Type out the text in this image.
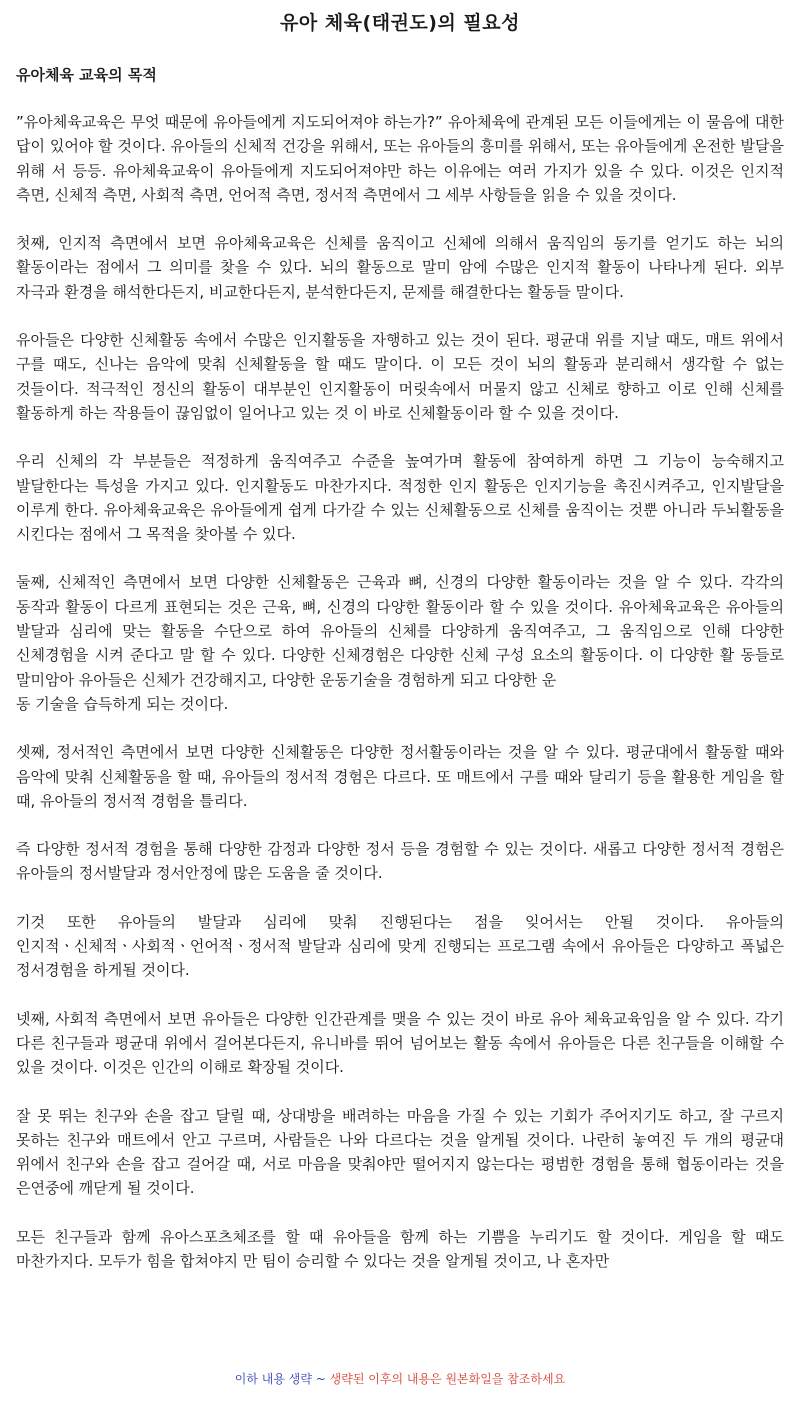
유아 체육(태권도)의 필요성
유아체육 교육의 목적

”유아체육교육은 무엇 때문에 유아들에게 지도되어져야 하는가?” 유아체육에 관계된 모든 이들에게는 이 물음에 대한 답이 있어야 할 것이다. 유아들의 신체적 건강을 위해서, 또는 유아들의 흥미를 위해서, 또는 유아들에게 온전한 발달을 위해 서 등등. 유아체육교육이 유아들에게 지도되어져야만 하는 이유에는 여러 가지가 있을 수 있다. 이것은 인지적 측면, 신체적 측면, 사회적 측면, 언어적 측면, 정서적 측면에서 그 세부 사항들을 읽을 수 있을 것이다.

첫째, 인지적 측면에서 보면 유아체육교육은 신체를 움직이고 신체에 의해서 움직임의 동기를 얻기도 하는 뇌의 활동이라는 점에서 그 의미를 찾을 수 있다. 뇌의 활동으로 말미 암에 수많은 인지적 활동이 나타나게 된다. 외부 자극과 환경을 해석한다든지, 비교한다든지, 분석한다든지, 문제를 해결한다는 활동들 말이다.

유아들은 다양한 신체활동 속에서 수많은 인지활동을 자행하고 있는 것이 된다. 평균대 위를 지날 때도, 매트 위에서 구를 때도, 신나는 음악에 맞춰 신체활동을 할 때도 말이다. 이 모든 것이 뇌의 활동과 분리해서 생각할 수 없는 것들이다. 적극적인 정신의 활동이 대부분인 인지활동이 머릿속에서 머물지 않고 신체로 향하고 이로 인해 신체를 활동하게 하는 작용들이 끊임없이 일어나고 있는 것 이 바로 신체활동이라 할 수 있을 것이다.

우리 신체의 각 부분들은 적정하게 움직여주고 수준을 높여가며 활동에 참여하게 하면 그 기능이 능숙해지고 발달한다는 특성을 가지고 있다. 인지활동도 마찬가지다. 적정한 인지 활동은 인지기능을 촉진시켜주고, 인지발달을 이루게 한다. 유아체육교육은 유아들에게 쉽게 다가갈 수 있는 신체활동으로 신체를 움직이는 것뿐 아니라 두뇌활동을 시킨다는 점에서 그 목적을 찾아볼 수 있다.

둘째, 신체적인 측면에서 보면 다양한 신체활동은 근육과 뼈, 신경의 다양한 활동이라는 것을 알 수 있다. 각각의 동작과 활동이 다르게 표현되는 것은 근육, 뼈, 신경의 다양한 활동이라 할 수 있을 것이다. 유아체육교육은 유아들의 발달과 심리에 맞는 활동을 수단으로 하여 유아들의 신체를 다양하게 움직여주고, 그 움직임으로 인해 다양한 신체경험을 시켜 준다고 말 할 수 있다. 다양한 신체경험은 다양한 신체 구성 요소의 활동이다. 이 다양한 활 동들로 말미암아 유아들은 신체가 건강해지고, 다양한 운동기술을 경험하게 되고 다양한 운
동 기술을 습득하게 되는 것이다.

셋째, 정서적인 측면에서 보면 다양한 신체활동은 다양한 정서활동이라는 것을 알 수 있다. 평균대에서 활동할 때와 음악에 맞춰 신체활동을 할 때, 유아들의 정서적 경험은 다르다. 또 매트에서 구를 때와 달리기 등을 활용한 게임을 할 때, 유아들의 정서적 경험을 틀리다.

즉 다양한 정서적 경험을 통해 다양한 감정과 다양한 정서 등을 경험할 수 있는 것이다. 새롭고 다양한 정서적 경험은 유아들의 정서발달과 정서안정에 많은 도움을 줄 것이다.

기것 또한 유아들의 발달과 심리에 맞춰 진행된다는 점을 잊어서는 안될 것이다. 유아들의 인지적ㆍ신체적ㆍ사회적ㆍ언어적ㆍ정서적 발달과 심리에 맞게 진행되는 프로그램 속에서 유아들은 다양하고 폭넓은 정서경험을 하게될 것이다.

넷째, 사회적 측면에서 보면 유아들은 다양한 인간관계를 맺을 수 있는 것이 바로 유아 체육교육임을 알 수 있다. 각기 다른 친구들과 평균대 위에서 걸어본다든지, 유니바를 뛰어 넘어보는 활동 속에서 유아들은 다른 친구들을 이해할 수 있을 것이다. 이것은 인간의 이해로 확장될 것이다.

잘 못 뛰는 친구와 손을 잡고 달릴 때, 상대방을 배려하는 마음을 가질 수 있는 기회가 주어지기도 하고, 잘 구르지 못하는 친구와 매트에서 안고 구르며, 사람들은 나와 다르다는 것을 알게될 것이다. 나란히 놓여진 두 개의 평균대 위에서 친구와 손을 잡고 걸어갈 때, 서로 마음을 맞춰야만 떨어지지 않는다는 평범한 경험을 통해 협동이라는 것을 은연중에 깨닫게 될 것이다.

모든 친구들과 함께 유아스포츠체조를 할 때 유아들을 함께 하는 기쁨을 누리기도 할 것이다. 게임을 할 때도 마찬가지다. 모두가 힘을 합쳐야지 만 팀이 승리할 수 있다는 것을 알게될 것이고, 나 혼자만

이하 내용 생략 ~ 생략된 이후의 내용은 원본화일을 참조하세요
